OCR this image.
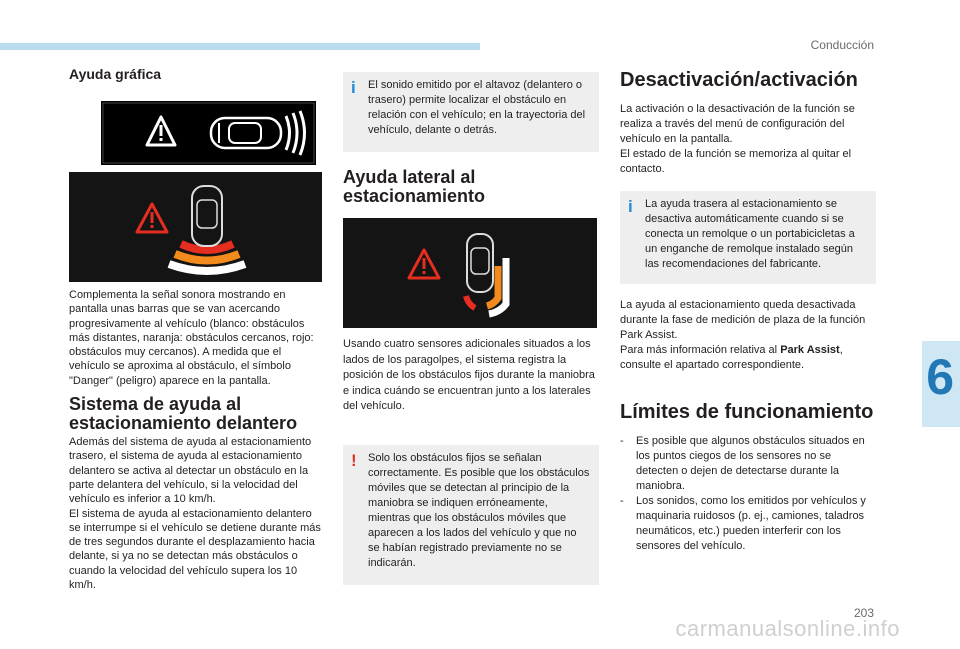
Conducción
6
203
carmanualsonline.info
Ayuda gráfica

Complementa la señal sonora mostrando en pantalla unas barras que se van acercando progresivamente al vehículo (blanco: obstáculos más distantes, naranja: obstáculos cercanos, rojo: obstáculos muy cercanos). A medida que el vehículo se aproxima al obstáculo, el símbolo "Danger" (peligro) aparece en la pantalla.

Sistema de ayuda al estacionamiento delantero

Además del sistema de ayuda al estacionamiento trasero, el sistema de ayuda al estacionamiento delantero se activa al detectar un obstáculo en la parte delantera del vehículo, si la velocidad del vehículo es inferior a 10 km/h.

El sistema de ayuda al estacionamiento delantero se interrumpe si el vehículo se detiene durante más de tres segundos durante el desplazamiento hacia delante, si ya no se detectan más obstáculos o cuando la velocidad del vehículo supera los 10 km/h.

i	El sonido emitido por el altavoz (delantero o trasero) permite localizar el obstáculo en relación con el vehículo; en la trayectoria del vehículo, delante o detrás.
Ayuda lateral al estacionamiento

Usando cuatro sensores adicionales situados a los lados de los paragolpes, el sistema registra la posición de los obstáculos fijos durante la maniobra e indica cuándo se encuentran junto a los laterales del vehículo.

!	Solo los obstáculos fijos se señalan correctamente. Es posible que los obstáculos móviles que se detectan al principio de la maniobra se indiquen erróneamente, mientras que los obstáculos móviles que aparecen a los lados del vehículo y que no se habían registrado previamente no se indicarán.
Desactivación/activación

La activación o la desactivación de la función se realiza a través del menú de configuración del vehículo en la pantalla.

El estado de la función se memoriza al quitar el contacto.

i	La ayuda trasera al estacionamiento se desactiva automáticamente cuando si se conecta un remolque o un portabicicletas a un enganche de remolque instalado según las recomendaciones del fabricante.

La ayuda al estacionamiento queda desactivada durante la fase de medición de plaza de la función Park Assist.

Para más información relativa al Park Assist, consulte el apartado correspondiente.

Límites de funcionamiento
- Es posible que algunos obstáculos situados en los puntos ciegos de los sensores no se detecten o dejen de detectarse durante la maniobra.
- Los sonidos, como los emitidos por vehículos y maquinaria ruidosos (p. ej., camiones, taladros neumáticos, etc.) pueden interferir con los sensores del vehículo.
